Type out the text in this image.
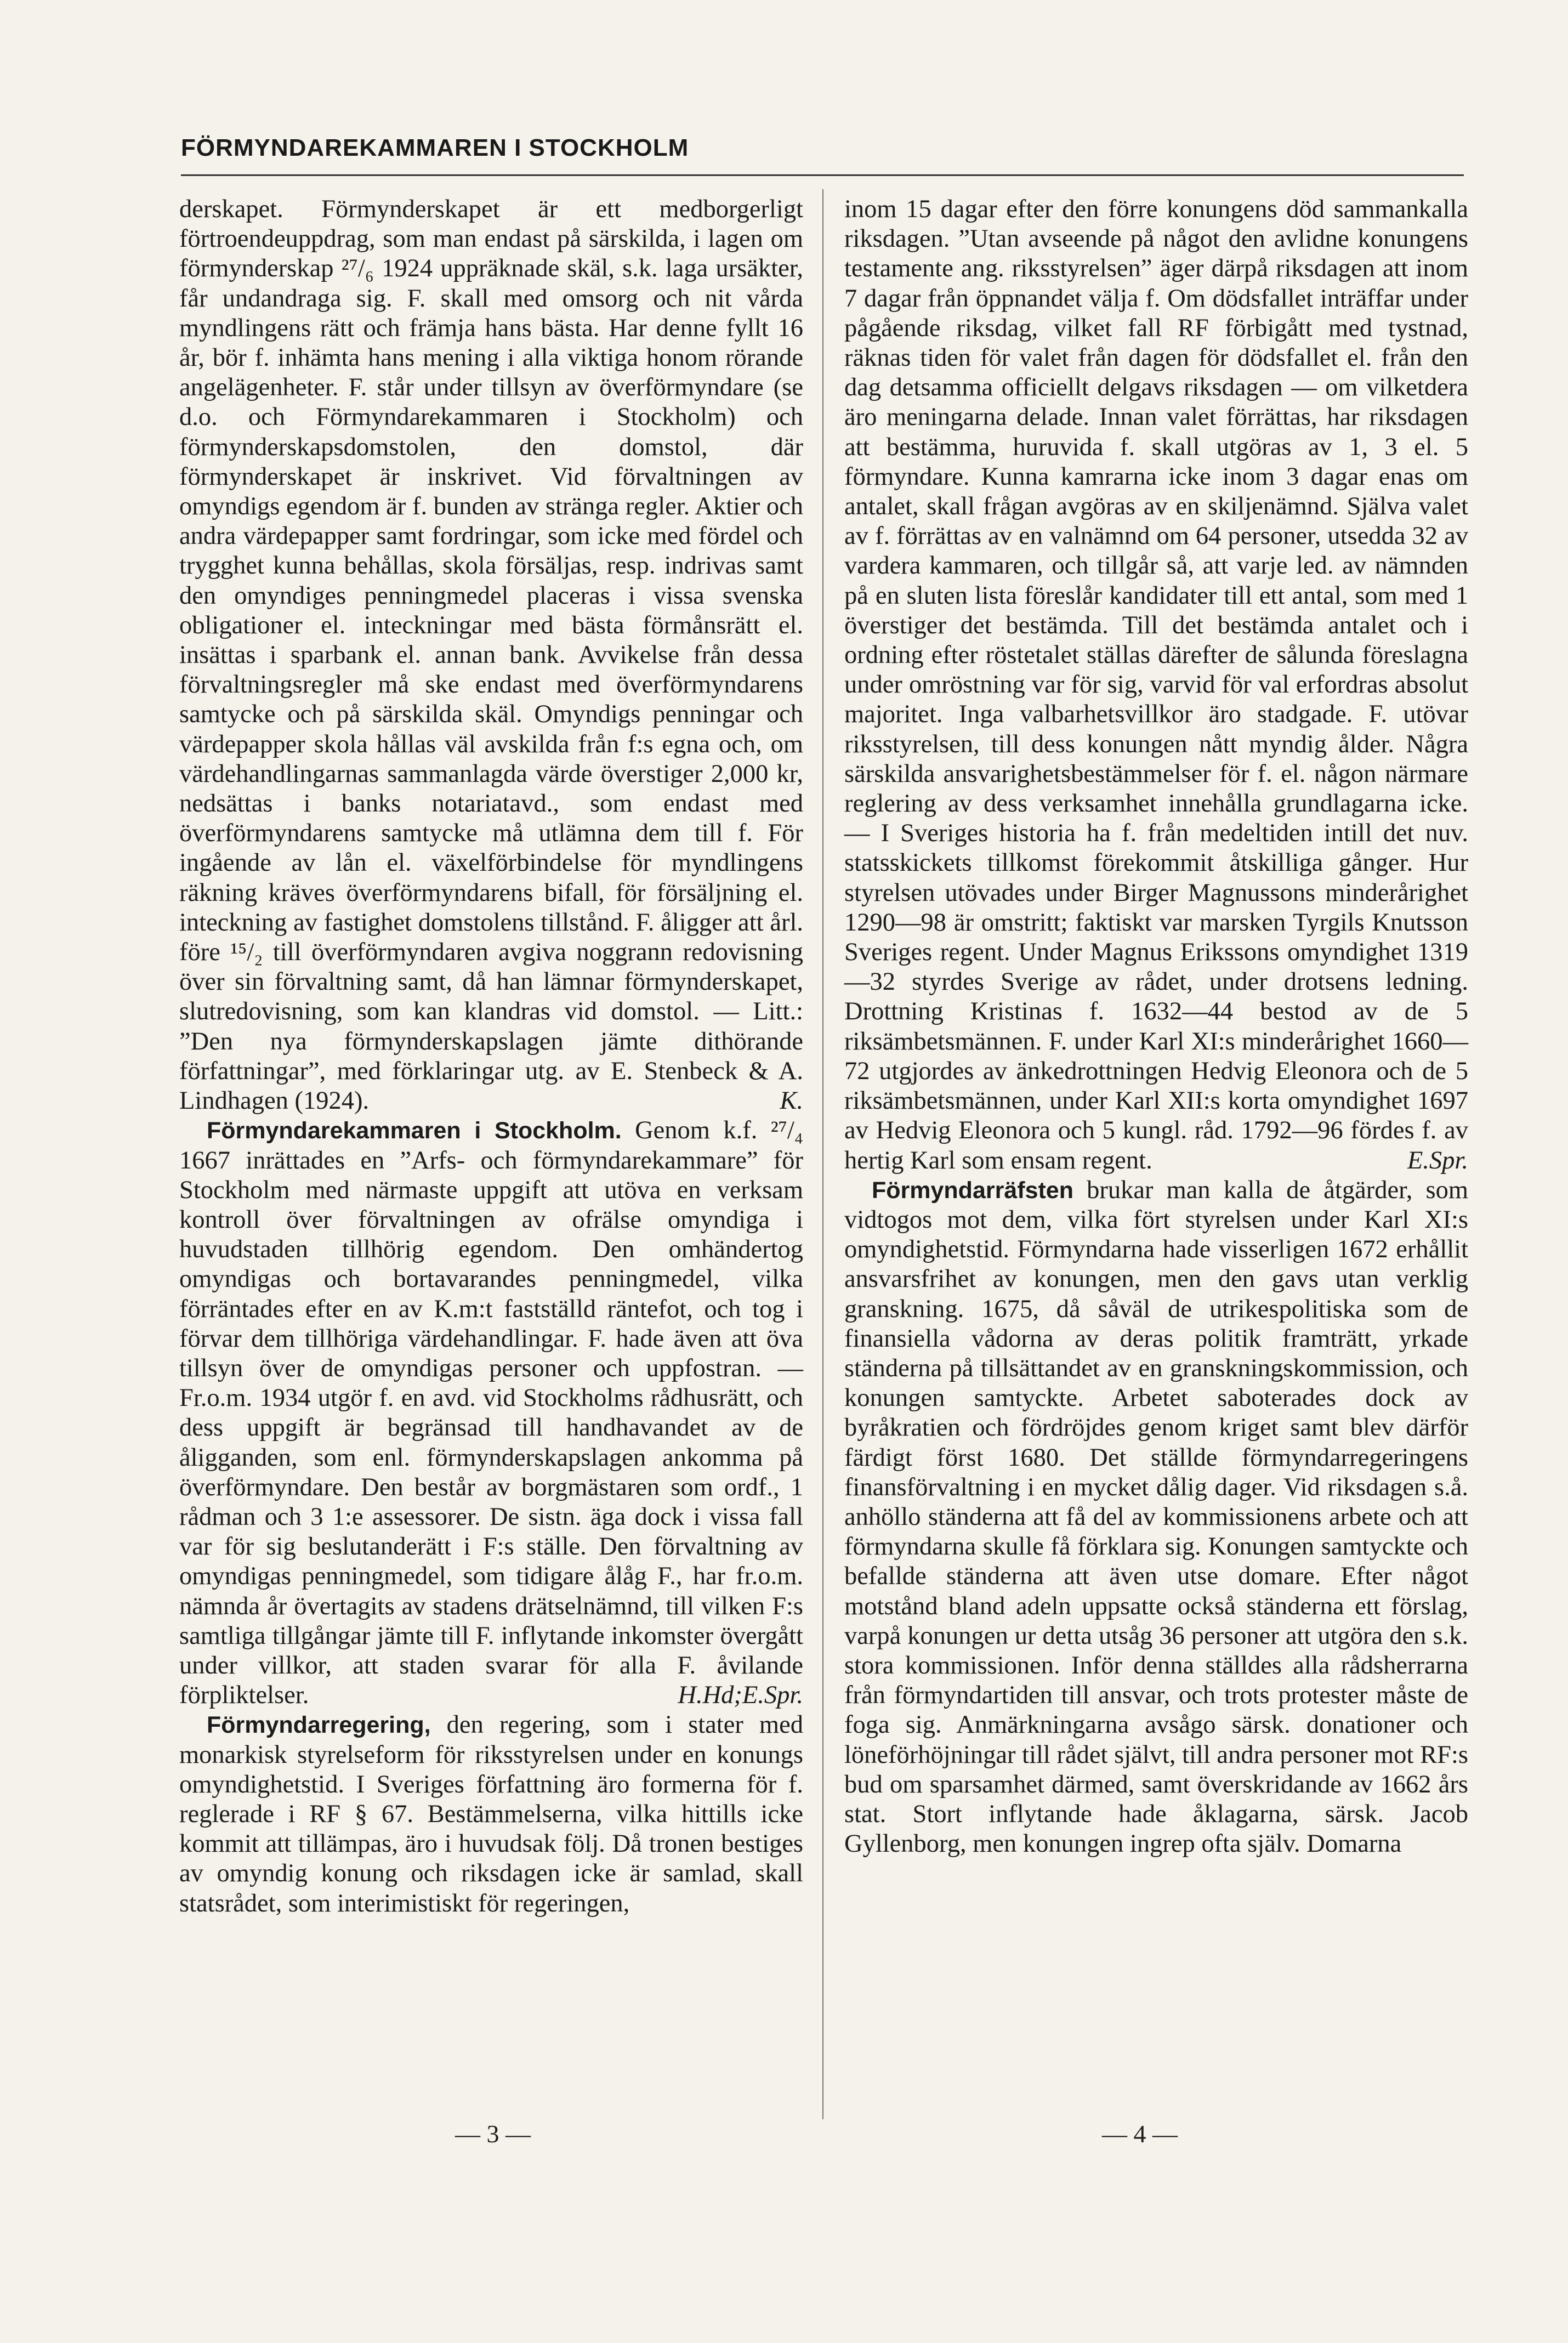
FÖRMYNDAREKAMMAREN I STOCKHOLM

derskapet. Förmynderskapet är ett medborgerligt förtroendeuppdrag, som man endast på särskilda, i lagen om förmynderskap ²⁷/₆ 1924 uppräknade skäl, s.k. laga ursäkter, får undandraga sig. F. skall med omsorg och nit vårda myndlingens rätt och främja hans bästa. Har denne fyllt 16 år, bör f. inhämta hans mening i alla viktiga honom rörande angelägenheter. F. står under tillsyn av överförmyndare (se d.o. och Förmyndarekammaren i Stockholm) och förmynderskapsdomstolen, den domstol, där förmynderskapet är inskrivet. Vid förvaltningen av omyndigs egendom är f. bunden av stränga regler. Aktier och andra värdepapper samt fordringar, som icke med fördel och trygghet kunna behållas, skola försäljas, resp. indrivas samt den omyndiges penningmedel placeras i vissa svenska obligationer el. inteckningar med bästa förmånsrätt el. insättas i sparbank el. annan bank. Avvikelse från dessa förvaltningsregler må ske endast med överförmyndarens samtycke och på särskilda skäl. Omyndigs penningar och värdepapper skola hållas väl avskilda från f:s egna och, om värdehandlingarnas sammanlagda värde överstiger 2,000 kr, nedsättas i banks notariatavd., som endast med överförmyndarens samtycke må utlämna dem till f. För ingående av lån el. växelförbindelse för myndlingens räkning kräves överförmyndarens bifall, för försäljning el. inteckning av fastighet domstolens tillstånd. F. åligger att årl. före ¹⁵/₂ till överförmyndaren avgiva noggrann redovisning över sin förvaltning samt, då han lämnar förmynderskapet, slutredovisning, som kan klandras vid domstol. — Litt.: ”Den nya förmynderskapslagen jämte dithörande författningar”, med förklaringar utg. av E. Stenbeck & A. Lindhagen (1924).	K.

Förmyndarekammaren i Stockholm. Genom k.f. ²⁷/₄ 1667 inrättades en ”Arfs- och förmyndarekammare” för Stockholm med närmaste uppgift att utöva en verksam kontroll över förvaltningen av ofrälse omyndiga i huvudstaden tillhörig egendom. Den omhändertog omyndigas och bortavarandes penningmedel, vilka förräntades efter en av K.m:t fastställd räntefot, och tog i förvar dem tillhöriga värdehandlingar. F. hade även att öva tillsyn över de omyndigas personer och uppfostran. — Fr.o.m. 1934 utgör f. en avd. vid Stockholms rådhusrätt, och dess uppgift är begränsad till handhavandet av de åligganden, som enl. förmynderskapslagen ankomma på överförmyndare. Den består av borgmästaren som ordf., 1 rådman och 3 1:e assessorer. De sistn. äga dock i vissa fall var för sig beslutanderätt i F:s ställe. Den förvaltning av omyndigas penningmedel, som tidigare ålåg F., har fr.o.m. nämnda år övertagits av stadens drätselnämnd, till vilken F:s samtliga tillgångar jämte till F. inflytande inkomster övergått under villkor, att staden svarar för alla F. åvilande förpliktelser.	H.Hd;E.Spr.

Förmyndarregering, den regering, som i stater med monarkisk styrelseform för riksstyrelsen under en konungs omyndighetstid. I Sveriges författning äro formerna för f. reglerade i RF § 67. Bestämmelserna, vilka hittills icke kommit att tillämpas, äro i huvudsak följ. Då tronen bestiges av omyndig konung och riksdagen icke är samlad, skall statsrådet, som interimistiskt för regeringen,

inom 15 dagar efter den förre konungens död sammankalla riksdagen. ”Utan avseende på något den avlidne konungens testamente ang. riksstyrelsen” äger därpå riksdagen att inom 7 dagar från öppnandet välja f. Om dödsfallet inträffar under pågående riksdag, vilket fall RF förbigått med tystnad, räknas tiden för valet från dagen för dödsfallet el. från den dag detsamma officiellt delgavs riksdagen — om vilketdera äro meningarna delade. Innan valet förrättas, har riksdagen att bestämma, huruvida f. skall utgöras av 1, 3 el. 5 förmyndare. Kunna kamrarna icke inom 3 dagar enas om antalet, skall frågan avgöras av en skiljenämnd. Själva valet av f. förrättas av en valnämnd om 64 personer, utsedda 32 av vardera kammaren, och tillgår så, att varje led. av nämnden på en sluten lista föreslår kandidater till ett antal, som med 1 överstiger det bestämda. Till det bestämda antalet och i ordning efter röstetalet ställas därefter de sålunda föreslagna under omröstning var för sig, varvid för val erfordras absolut majoritet. Inga valbarhetsvillkor äro stadgade. F. utövar riksstyrelsen, till dess konungen nått myndig ålder. Några särskilda ansvarighetsbestämmelser för f. el. någon närmare reglering av dess verksamhet innehålla grundlagarna icke. — I Sveriges historia ha f. från medeltiden intill det nuv. statsskickets tillkomst förekommit åtskilliga gånger. Hur styrelsen utövades under Birger Magnussons minderårighet 1290—98 är omstritt; faktiskt var marsken Tyrgils Knutsson Sveriges regent. Under Magnus Erikssons omyndighet 1319—32 styrdes Sverige av rådet, under drotsens ledning. Drottning Kristinas f. 1632—44 bestod av de 5 riksämbetsmännen. F. under Karl XI:s minderårighet 1660—72 utgjordes av änkedrottningen Hedvig Eleonora och de 5 riksämbetsmännen, under Karl XII:s korta omyndighet 1697 av Hedvig Eleonora och 5 kungl. råd. 1792—96 fördes f. av hertig Karl som ensam regent.	E.Spr.

Förmyndarräfsten brukar man kalla de åtgärder, som vidtogos mot dem, vilka fört styrelsen under Karl XI:s omyndighetstid. Förmyndarna hade visserligen 1672 erhållit ansvarsfrihet av konungen, men den gavs utan verklig granskning. 1675, då såväl de utrikespolitiska som de finansiella vådorna av deras politik framträtt, yrkade ständerna på tillsättandet av en granskningskommission, och konungen samtyckte. Arbetet saboterades dock av byråkratien och fördröjdes genom kriget samt blev därför färdigt först 1680. Det ställde förmyndarregeringens finansförvaltning i en mycket dålig dager. Vid riksdagen s.å. anhöllo ständerna att få del av kommissionens arbete och att förmyndarna skulle få förklara sig. Konungen samtyckte och befallde ständerna att även utse domare. Efter något motstånd bland adeln uppsatte också ständerna ett förslag, varpå konungen ur detta utsåg 36 personer att utgöra den s.k. stora kommissionen. Inför denna ställdes alla rådsherrarna från förmyndartiden till ansvar, och trots protester måste de foga sig. Anmärkningarna avsågo särsk. donationer och löneförhöjningar till rådet självt, till andra personer mot RF:s bud om sparsamhet därmed, samt överskridande av 1662 års stat. Stort inflytande hade åklagarna, särsk. Jacob Gyllenborg, men konungen ingrep ofta själv. Domarna

— 3 —	— 4 —
